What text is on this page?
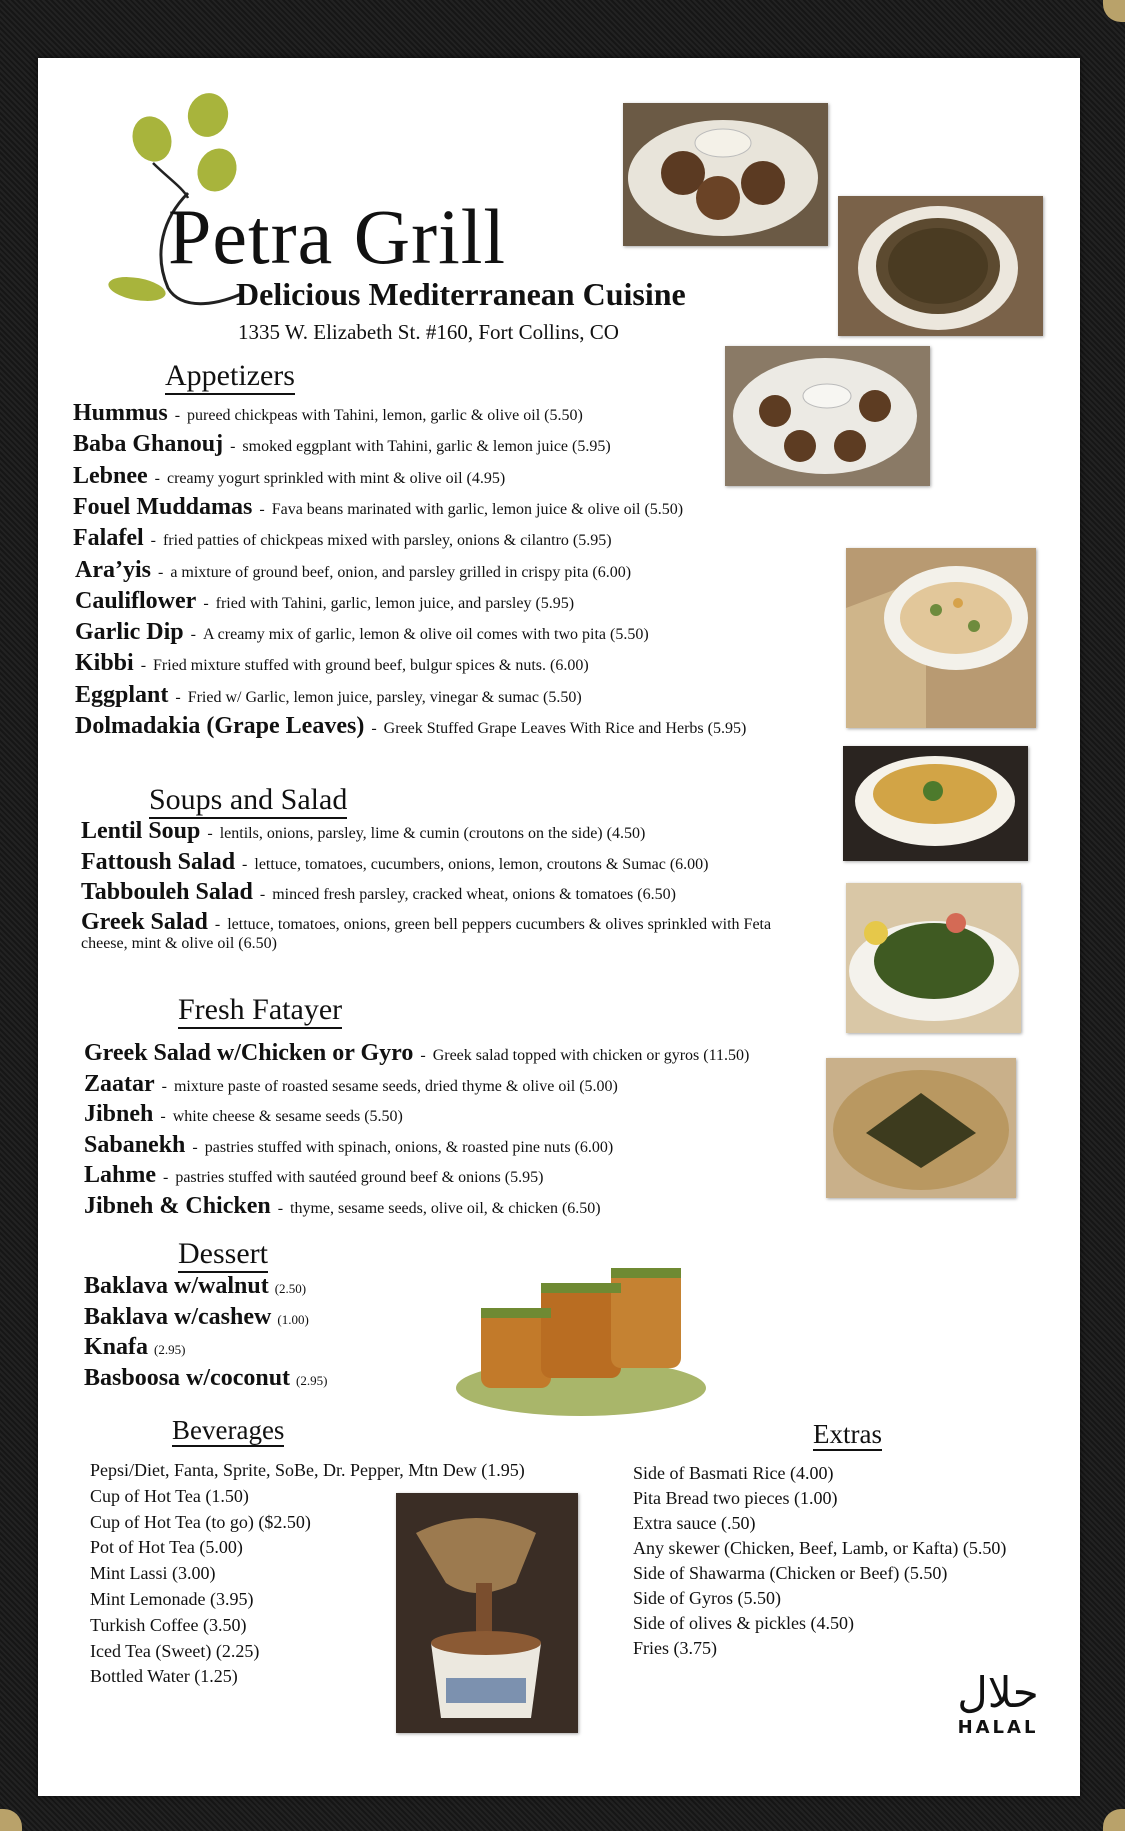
Petra Grill
Delicious Mediterranean Cuisine
1335 W. Elizabeth St. #160, Fort Collins, CO
Appetizers
Hummus - pureed chickpeas with Tahini, lemon, garlic & olive oil (5.50)
Baba Ghanouj - smoked eggplant with Tahini, garlic & lemon juice (5.95)
Lebnee - creamy yogurt sprinkled with mint & olive oil (4.95)
Fouel Muddamas - Fava beans marinated with garlic, lemon juice & olive oil (5.50)
Falafel - fried patties of chickpeas mixed with parsley, onions & cilantro (5.95)
Ara’yis - a mixture of ground beef, onion, and parsley grilled in crispy pita (6.00)
Cauliflower - fried with Tahini, garlic, lemon juice, and parsley (5.95)
Garlic Dip - A creamy mix of garlic, lemon & olive oil comes with two pita (5.50)
Kibbi - Fried mixture stuffed with ground beef, bulgur spices & nuts. (6.00)
Eggplant - Fried w/ Garlic, lemon juice, parsley, vinegar & sumac (5.50)
Dolmadakia (Grape Leaves) - Greek Stuffed Grape Leaves With Rice and Herbs (5.95)
Soups and Salad
Lentil Soup - lentils, onions, parsley, lime & cumin (croutons on the side) (4.50)
Fattoush Salad - lettuce, tomatoes, cucumbers, onions, lemon, croutons & Sumac (6.00)
Tabbouleh Salad - minced fresh parsley, cracked wheat, onions & tomatoes (6.50)
Greek Salad - lettuce, tomatoes, onions, green bell peppers cucumbers & olives sprinkled with Feta cheese, mint & olive oil (6.50)
Fresh Fatayer
Greek Salad w/Chicken or Gyro - Greek salad topped with chicken or gyros (11.50)
Zaatar - mixture paste of roasted sesame seeds, dried thyme & olive oil (5.00)
Jibneh - white cheese & sesame seeds (5.50)
Sabanekh - pastries stuffed with spinach, onions, & roasted pine nuts (6.00)
Lahme - pastries stuffed with sautéed ground beef & onions (5.95)
Jibneh & Chicken - thyme, sesame seeds, olive oil, & chicken (6.50)
Dessert
Baklava w/walnut (2.50)
Baklava w/cashew (1.00)
Knafa (2.95)
Basboosa w/coconut (2.95)
Beverages
Pepsi/Diet, Fanta, Sprite, SoBe, Dr. Pepper, Mtn Dew (1.95)
Cup of Hot Tea (1.50)
Cup of Hot Tea (to go) ($2.50)
Pot of Hot Tea (5.00)
Mint Lassi (3.00)
Mint Lemonade (3.95)
Turkish Coffee (3.50)
Iced Tea (Sweet) (2.25)
Bottled Water (1.25)
Extras
Side of Basmati Rice (4.00)
Pita Bread two pieces (1.00)
Extra sauce (.50)
Any skewer (Chicken, Beef, Lamb, or Kafta) (5.50)
Side of Shawarma (Chicken or Beef) (5.50)
Side of Gyros (5.50)
Side of olives & pickles (4.50)
Fries (3.75)
حلال
HALAL
